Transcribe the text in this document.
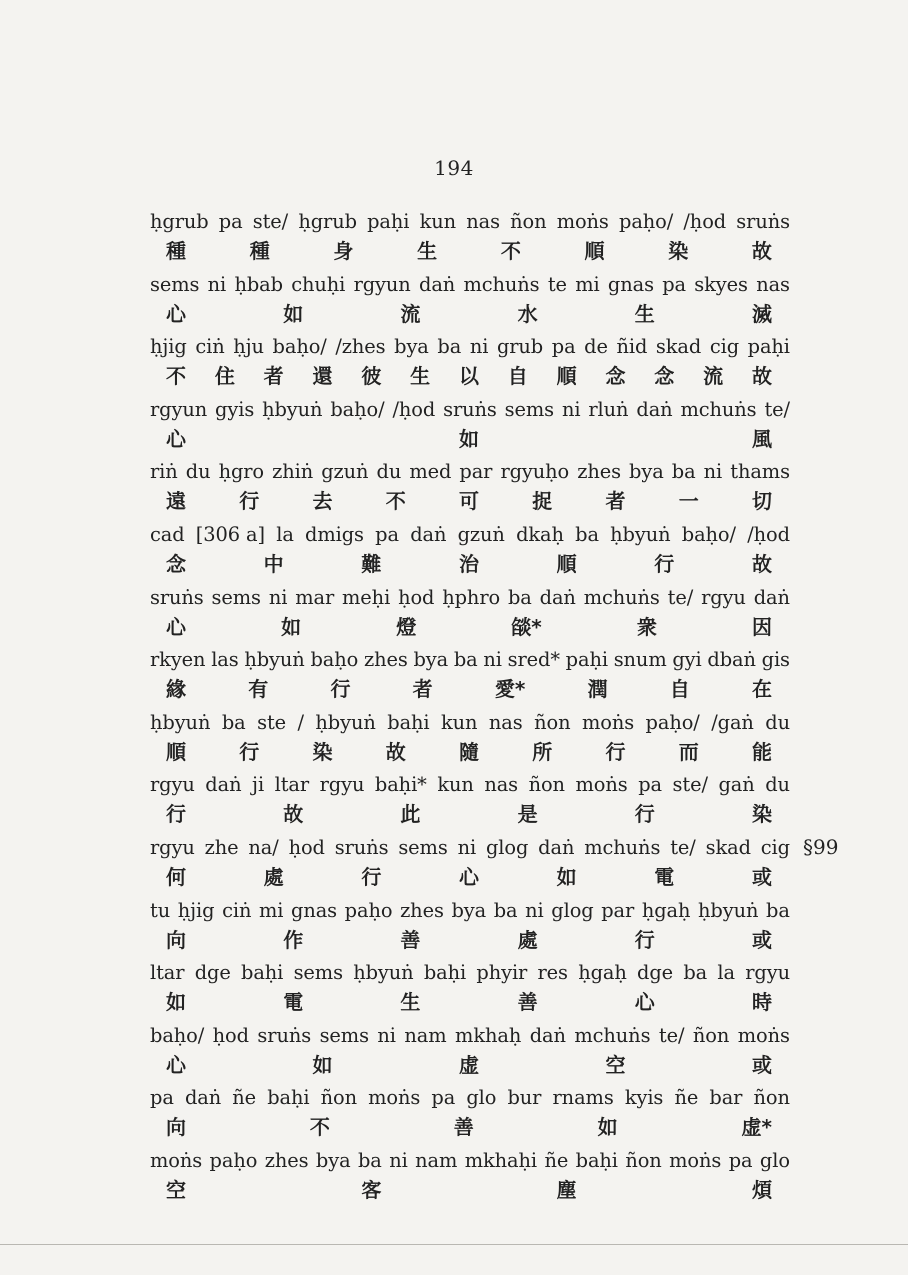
194
ḥgrub pa ste/ ḥgrub paḥi kun nas ñon moṅs paḥo/ /ḥod sruṅs
種	種	身	生	不	順	染	故
sems ni ḥbab chuḥi rgyun daṅ mchuṅs te mi gnas pa skyes nas
心	如	流	水	生	滅
ḥjig ciṅ ḥju baḥo/ /zhes bya ba ni grub pa de ñid skad cig paḥi
不 住 者 還 彼 生 以 自 順 念 念 流 故
rgyun gyis ḥbyuṅ baḥo/ /ḥod sruṅs sems ni rluṅ daṅ mchuṅs te/
心	如	風
riṅ du ḥgro zhiṅ gzuṅ du med par rgyuḥo zhes bya ba ni thams
遠	行	去	不	可	捉	者	一	切
cad [306 a] la dmigs pa daṅ gzuṅ dkaḥ ba ḥbyuṅ baḥo/ /ḥod
念	中	難	治	順	行	故
sruṅs sems ni mar meḥi ḥod ḥphro ba daṅ mchuṅs te/ rgyu daṅ
心	如	燈	燄*	衆	因
rkyen las ḥbyuṅ baḥo zhes bya ba ni sred* paḥi snum gyi dbaṅ gis
緣	有	行	者	愛*	潤	自	在
ḥbyuṅ ba ste / ḥbyuṅ baḥi kun nas ñon moṅs paḥo/ /gaṅ du
順	行	染	故	隨	所	行	而	能
rgyu daṅ ji ltar rgyu baḥi* kun nas ñon moṅs pa ste/ gaṅ du
行	故	此	是	行	染
rgyu zhe na/ ḥod sruṅs sems ni glog daṅ mchuṅs te/ skad cig
何	處	行	心	如	電	或
tu ḥjig ciṅ mi gnas paḥo zhes bya ba ni glog par ḥgaḥ ḥbyuṅ ba
向	作	善	處	行	或
ltar dge baḥi sems ḥbyuṅ baḥi phyir res ḥgaḥ dge ba la rgyu
如	電	生	善	心	時
baḥo/ ḥod sruṅs sems ni nam mkhaḥ daṅ mchuṅs te/ ñon moṅs
心	如	虚	空	或
pa daṅ ñe baḥi ñon moṅs pa glo bur rnams kyis ñe bar ñon
向	不	善	如	虚*
moṅs paḥo zhes bya ba ni nam mkhaḥi ñe baḥi ñon moṅs pa glo
空	客	塵	煩
§99
